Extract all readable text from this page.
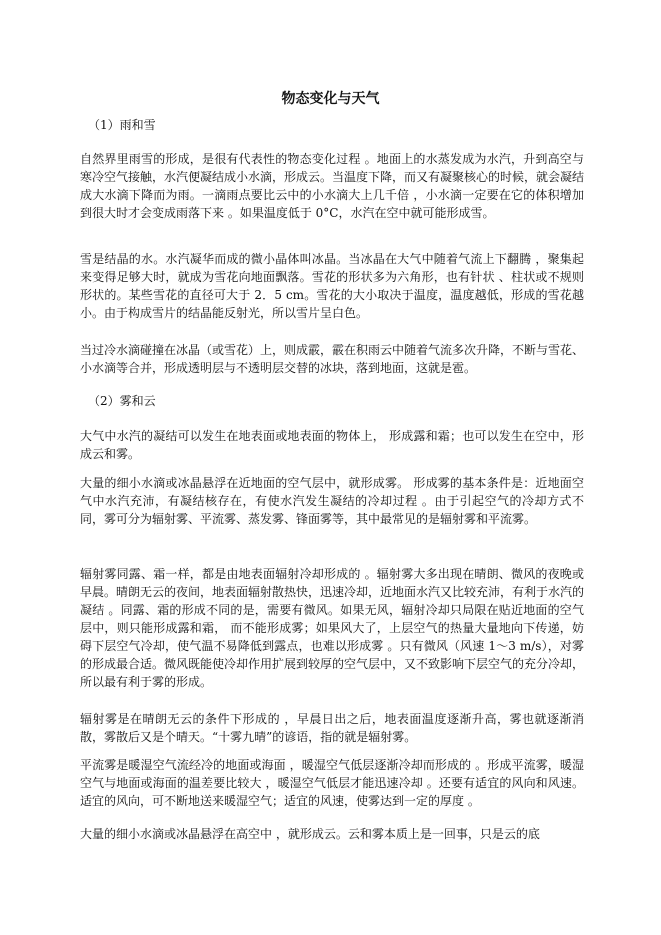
物态变化与天气
（1）雨和雪

自然界里雨雪的形成，是很有代表性的物态变化过程 。地面上的水蒸发成为水汽，升到高空与寒冷空气接触，水汽便凝结成小水滴，形成云。当温度下降，而又有凝聚核心的时候，就会凝结成大水滴下降而为雨。一滴雨点要比云中的小水滴大上几千倍 ，小水滴一定要在它的体积增加到很大时才会变成雨落下来 。如果温度低于 0°C，水汽在空中就可能形成雪。

雪是结晶的水。水汽凝华而成的微小晶体叫冰晶。当冰晶在大气中随着气流上下翻腾 ，聚集起来变得足够大时，就成为雪花向地面飘落。雪花的形状多为六角形，也有针状 、柱状或不规则形状的。某些雪花的直径可大于 2．5 cm。雪花的大小取决于温度，温度越低，形成的雪花越小。由于构成雪片的结晶能反射光，所以雪片呈白色。

当过冷水滴碰撞在冰晶（或雪花）上，则成霰，霰在积雨云中随着气流多次升降，不断与雪花、小水滴等合并，形成透明层与不透明层交替的冰块，落到地面，这就是雹。

（2）雾和云

大气中水汽的凝结可以发生在地表面或地表面的物体上， 形成露和霜；也可以发生在空中，形成云和雾。

大量的细小水滴或冰晶悬浮在近地面的空气层中，就形成雾。 形成雾的基本条件是：近地面空气中水汽充沛，有凝结核存在，有使水汽发生凝结的冷却过程 。由于引起空气的冷却方式不同，雾可分为辐射雾、平流雾、蒸发雾、锋面雾等，其中最常见的是辐射雾和平流雾。

辐射雾同露、霜一样，都是由地表面辐射冷却形成的 。辐射雾大多出现在晴朗、微风的夜晚或早晨。晴朗无云的夜间，地表面辐射散热快，迅速冷却，近地面水汽又比较充沛，有利于水汽的凝结 。同露、霜的形成不同的是，需要有微风。如果无风，辐射冷却只局限在贴近地面的空气层中，则只能形成露和霜， 而不能形成雾；如果风大了，上层空气的热量大量地向下传递，妨碍下层空气冷却，使气温不易降低到露点，也难以形成雾 。只有微风（风速 1～3 m/s），对雾的形成最合适。微风既能使冷却作用扩展到较厚的空气层中，又不致影响下层空气的充分冷却，所以最有利于雾的形成。

辐射雾是在晴朗无云的条件下形成的 ，早晨日出之后，地表面温度逐渐升高，雾也就逐渐消散，雾散后又是个晴天。“十雾九晴”的谚语，指的就是辐射雾。

平流雾是暖湿空气流经冷的地面或海面 ，暖湿空气低层逐渐冷却而形成的 。形成平流雾，暖湿空气与地面或海面的温差要比较大 ，暖湿空气低层才能迅速冷却 。还要有适宜的风向和风速。适宜的风向，可不断地送来暖湿空气；适宜的风速，使雾达到一定的厚度 。

大量的细小水滴或冰晶悬浮在高空中 ，就形成云。云和雾本质上是一回事，只是云的底
